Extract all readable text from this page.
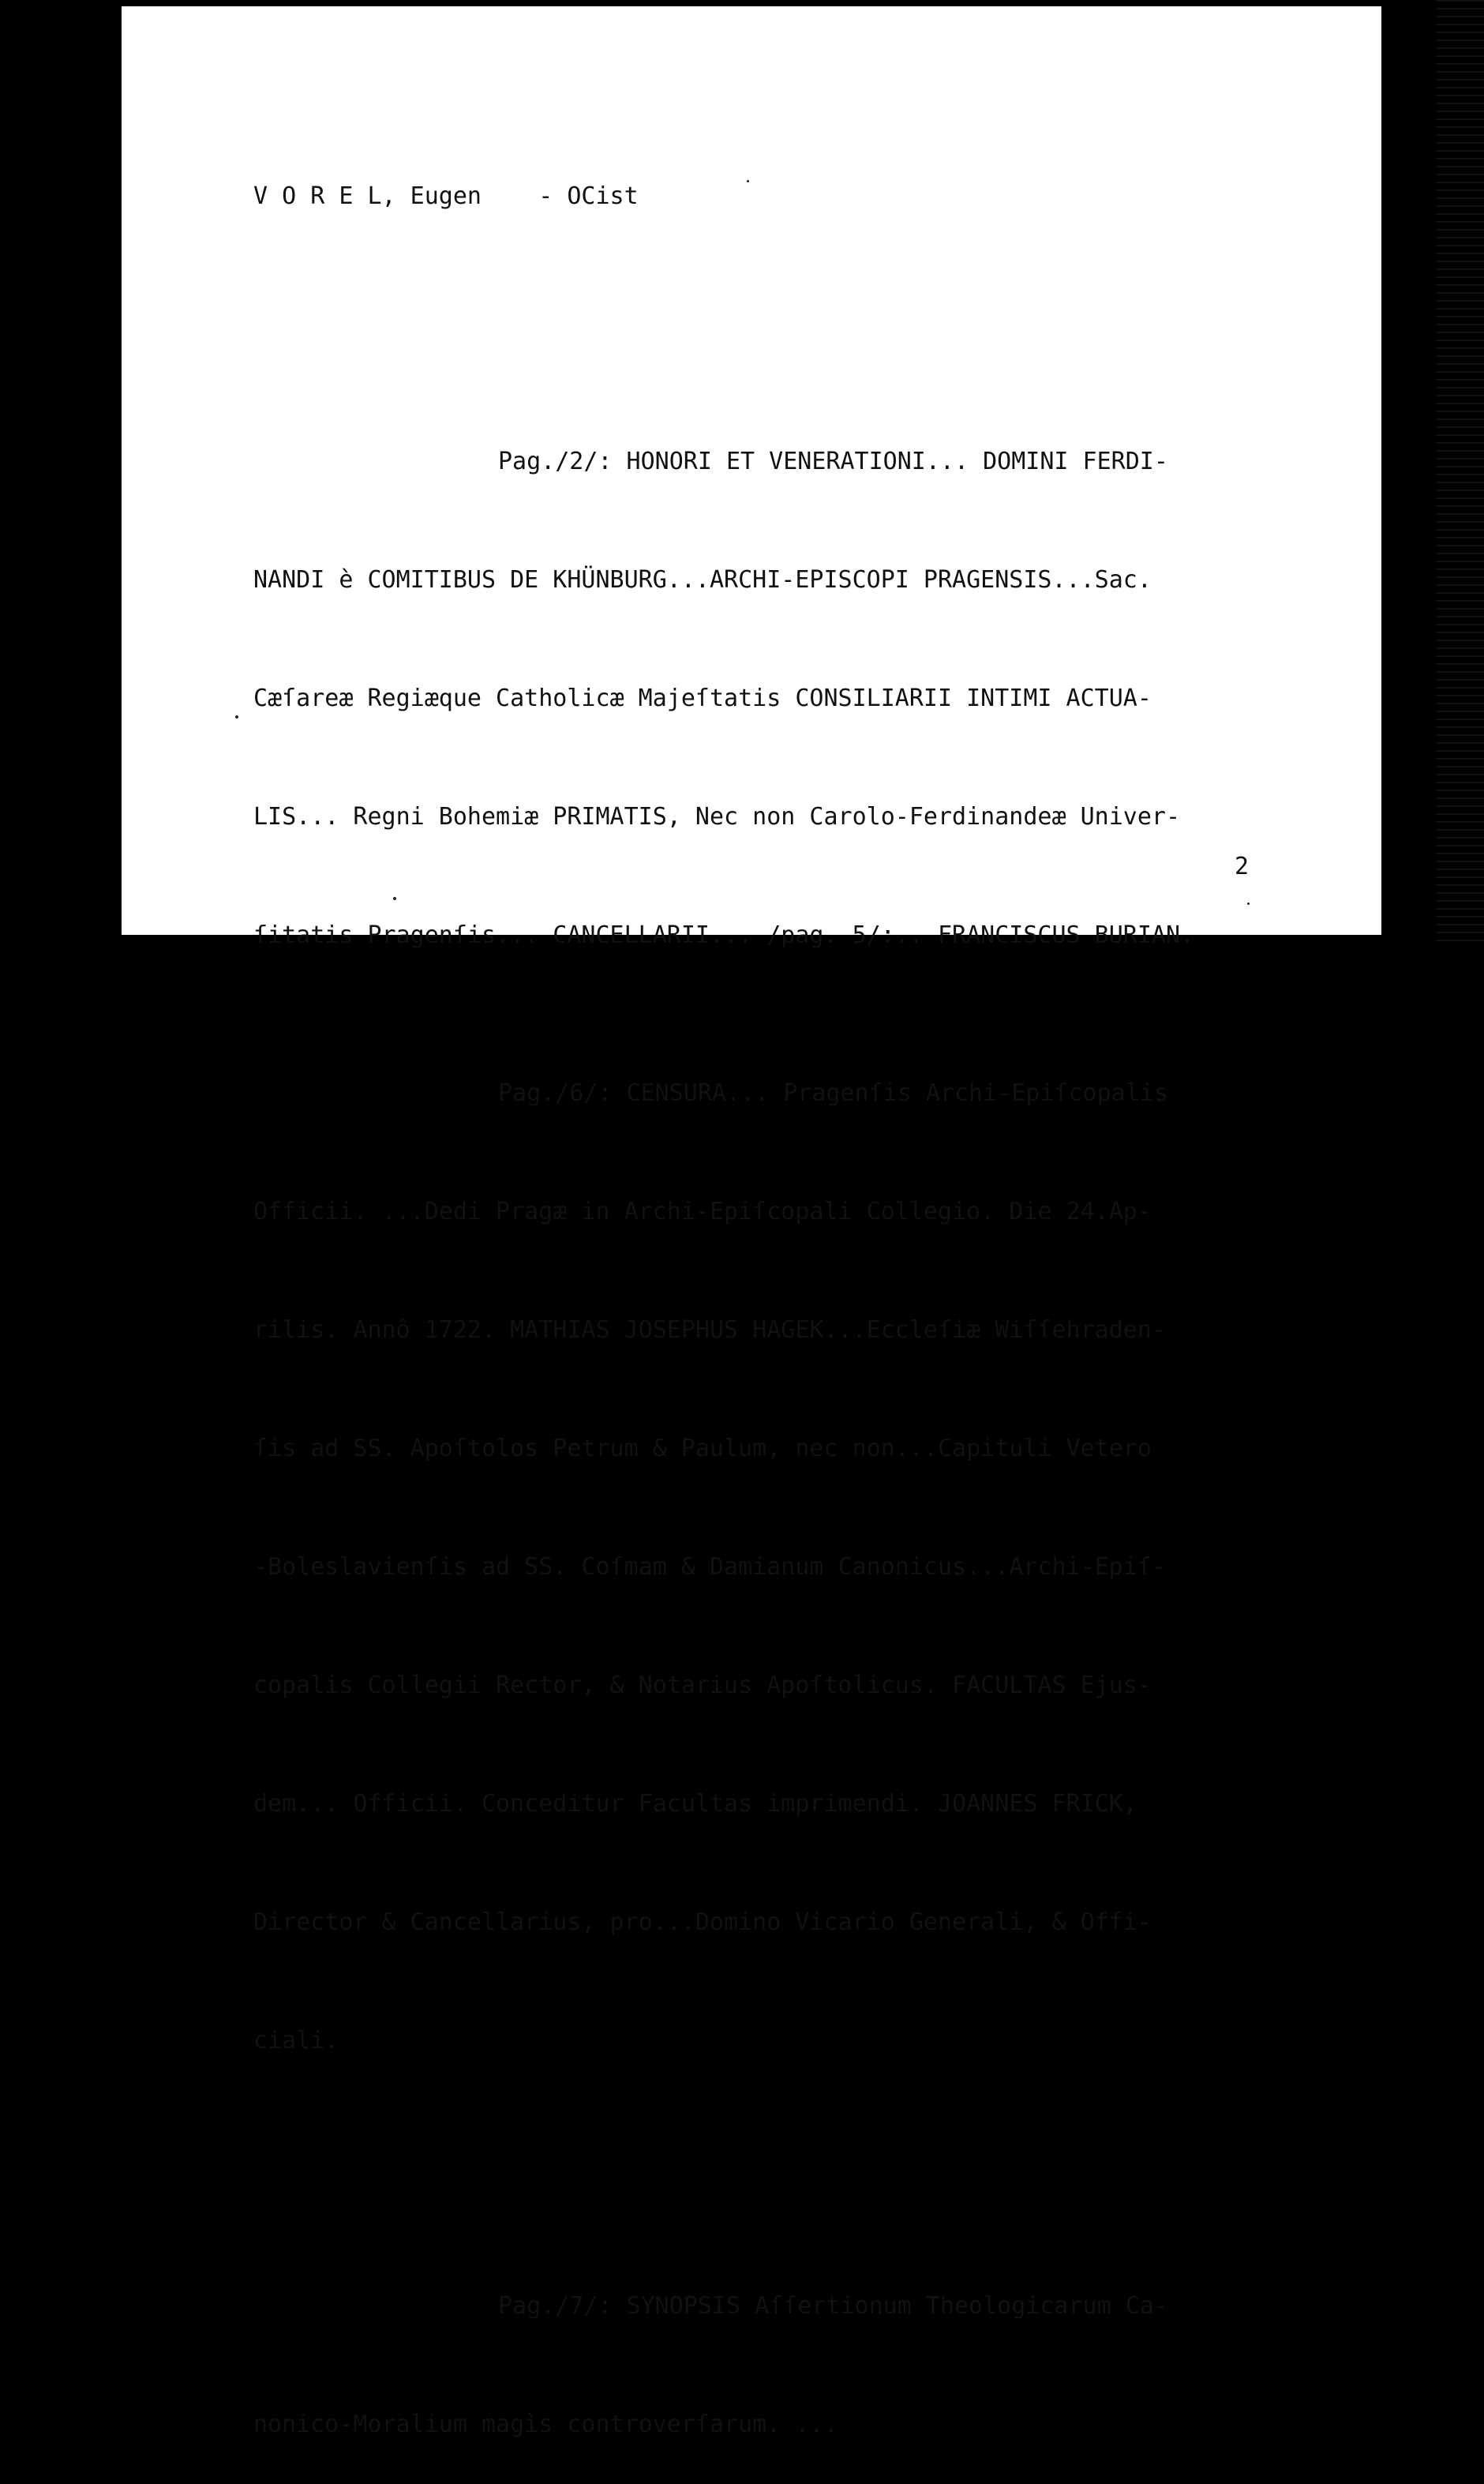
V O R E L, Eugen    - OCist

Pag./2/: HONORI ET VENERATIONI... DOMINI FERDI-

NANDI è COMITIBUS DE KHÜNBURG...ARCHI-EPISCOPI PRAGENSIS...Sac.

Cæſareæ Regiæque Catholicæ Majeſtatis CONSILIARII INTIMI ACTUA-

LIS... Regni Bohemiæ PRIMATIS, Nec non Carolo-Ferdinandeæ Univer-

ſitatis Pragenſis... CANCELLARII... /pag. 5/:.. FRANCISCUS BURIAN.

Pag./6/: CENSURA... Pragenſis Archi-Epiſcopalis

Officii. ...Dedi Pragæ in Archi-Epiſcopali Collegio. Die 24.Ap-

rilis. Annô 1722. MATHIAS JOSEPHUS HAGEK...Eccleſiæ Wiſſehraden-

ſis ad SS. Apoſtolos Petrum & Paulum, nec non...Capituli Vetero

-Boleslavienſis ad SS. Coſmam & Damianum Canonicus...Archi-Epiſ-

copalis Collegii Rector, & Notarius Apoſtolicus. FACULTAS Ejus-

dem... Officii. Conceditur Facultas imprimendi. JOANNES FRICK,

Director & Cancellarius, pro...Domino Vicario Generali, & Offi-

ciali.

Pag./7/: SYNOPSIS Aſſertionum Theologicarum Ca-

nonico-Moralium magìs controverſarum. ...

2
